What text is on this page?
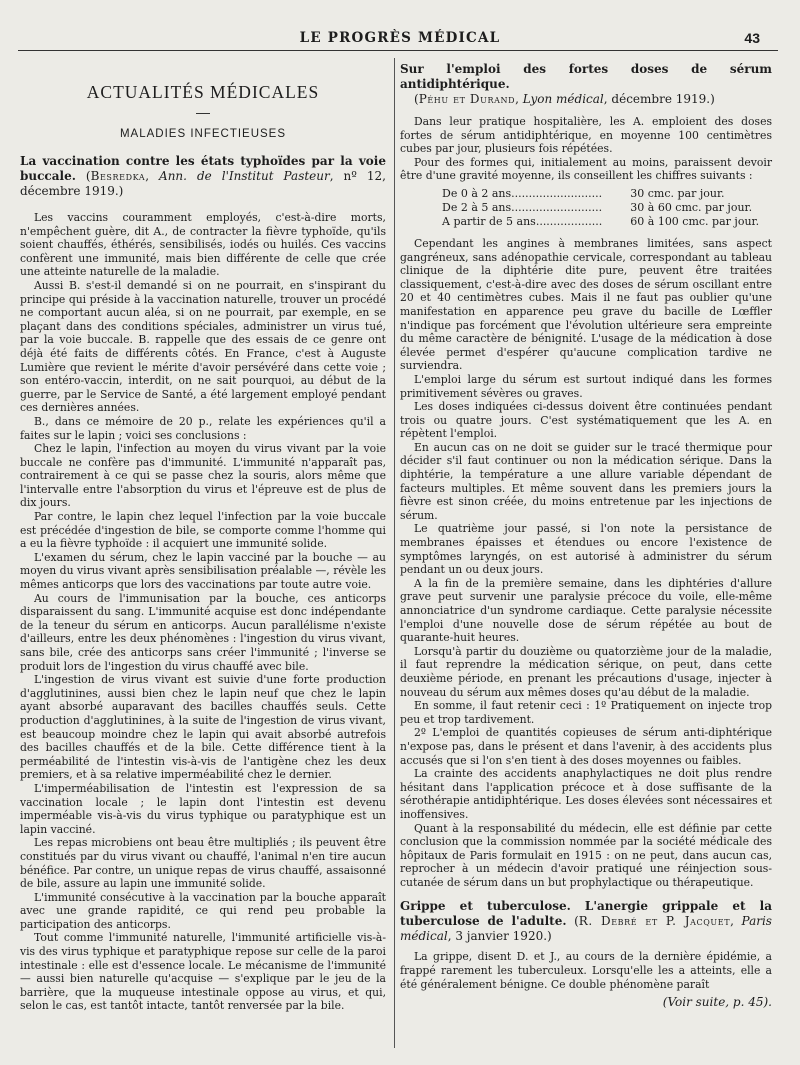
LE PROGRÈS MÉDICAL	43
ACTUALITÉS MÉDICALES
MALADIES INFECTIEUSES

La vaccination contre les états typhoïdes par la voie buccale. (Besredka, Ann. de l'Institut Pasteur, nº 12, décembre 1919.)

Les vaccins couramment employés, c'est-à-dire morts, n'empêchent guère, dit A., de contracter la fièvre typhoïde, qu'ils soient chauffés, éthérés, sensibilisés, iodés ou huilés. Ces vaccins confèrent une immunité, mais bien différente de celle que crée une atteinte naturelle de la maladie.

Aussi B. s'est-il demandé si on ne pourrait, en s'inspirant du principe qui préside à la vaccination naturelle, trouver un procédé ne comportant aucun aléa, si on ne pourrait, par exemple, en se plaçant dans des conditions spéciales, administrer un virus tué, par la voie buccale. B. rappelle que des essais de ce genre ont déjà été faits de différents côtés. En France, c'est à Auguste Lumière que revient le mérite d'avoir persévéré dans cette voie ; son entéro-vaccin, interdit, on ne sait pourquoi, au début de la guerre, par le Service de Santé, a été largement employé pendant ces dernières années.

B., dans ce mémoire de 20 p., relate les expériences qu'il a faites sur le lapin ; voici ses conclusions :

Chez le lapin, l'infection au moyen du virus vivant par la voie buccale ne confère pas d'immunité. L'immunité n'apparaît pas, contrairement à ce qui se passe chez la souris, alors même que l'intervalle entre l'absorption du virus et l'épreuve est de plus de dix jours.

Par contre, le lapin chez lequel l'infection par la voie buccale est précédée d'ingestion de bile, se comporte comme l'homme qui a eu la fièvre typhoïde : il acquiert une immunité solide.

L'examen du sérum, chez le lapin vacciné par la bouche — au moyen du virus vivant après sensibilisation préalable —, révèle les mêmes anticorps que lors des vaccinations par toute autre voie.

Au cours de l'immunisation par la bouche, ces anticorps disparaissent du sang. L'immunité acquise est donc indépendante de la teneur du sérum en anticorps. Aucun parallélisme n'existe d'ailleurs, entre les deux phénomènes : l'ingestion du virus vivant, sans bile, crée des anticorps sans créer l'immunité ; l'inverse se produit lors de l'ingestion du virus chauffé avec bile.

L'ingestion de virus vivant est suivie d'une forte production d'agglutinines, aussi bien chez le lapin neuf que chez le lapin ayant absorbé auparavant des bacilles chauffés seuls. Cette production d'agglutinines, à la suite de l'ingestion de virus vivant, est beaucoup moindre chez le lapin qui avait absorbé autrefois des bacilles chauffés et de la bile. Cette différence tient à la perméabilité de l'intestin vis-à-vis de l'antigène chez les deux premiers, et à sa relative imperméabilité chez le dernier.

L'imperméabilisation de l'intestin est l'expression de sa vaccination locale ; le lapin dont l'intestin est devenu imperméable vis-à-vis du virus typhique ou paratyphique est un lapin vacciné.

Les repas microbiens ont beau être multipliés ; ils peuvent être constitués par du virus vivant ou chauffé, l'animal n'en tire aucun bénéfice. Par contre, un unique repas de virus chauffé, assaisonné de bile, assure au lapin une immunité solide.

L'immunité consécutive à la vaccination par la bouche apparaît avec une grande rapidité, ce qui rend peu probable la participation des anticorps.

Tout comme l'immunité naturelle, l'immunité artificielle vis-à-vis des virus typhique et paratyphique repose sur celle de la paroi intestinale : elle est d'essence locale. Le mécanisme de l'immunité — aussi bien naturelle qu'acquise — s'explique par le jeu de la barrière, que la muqueuse intestinale oppose au virus, et qui, selon le cas, est tantôt intacte, tantôt renversée par la bile.

Sur l'emploi des fortes doses de sérum antidiphtérique.

(Péhu et Durand, Lyon médical, décembre 1919.)

Dans leur pratique hospitalière, les A. emploient des doses fortes de sérum antidiphtérique, en moyenne 100 centimètres cubes par jour, plusieurs fois répétées.

Pour des formes qui, initialement au moins, paraissent devoir être d'une gravité moyenne, ils conseillent les chiffres suivants :

De 0 à 2 ans..........................	30 cmc. par jour.
De 2 à 5 ans..........................	30 à 60 cmc. par jour.
A partir de 5 ans...................	60 à 100 cmc. par jour.

Cependant les angines à membranes limitées, sans aspect gangréneux, sans adénopathie cervicale, correspondant au tableau clinique de la diphtérie dite pure, peuvent être traitées classiquement, c'est-à-dire avec des doses de sérum oscillant entre 20 et 40 centimètres cubes. Mais il ne faut pas oublier qu'une manifestation en apparence peu grave du bacille de Lœffler n'indique pas forcément que l'évolution ultérieure sera empreinte du même caractère de bénignité. L'usage de la médication à dose élevée permet d'espérer qu'aucune complication tardive ne surviendra.

L'emploi large du sérum est surtout indiqué dans les formes primitivement sévères ou graves.

Les doses indiquées ci-dessus doivent être continuées pendant trois ou quatre jours. C'est systématiquement que les A. en répètent l'emploi.

En aucun cas on ne doit se guider sur le tracé thermique pour décider s'il faut continuer ou non la médication sérique. Dans la diphtérie, la température a une allure variable dépendant de facteurs multiples. Et même souvent dans les premiers jours la fièvre est sinon créée, du moins entretenue par les injections de sérum.

Le quatrième jour passé, si l'on note la persistance de membranes épaisses et étendues ou encore l'existence de symptômes laryngés, on est autorisé à administrer du sérum pendant un ou deux jours.

A la fin de la première semaine, dans les diphtéries d'allure grave peut survenir une paralysie précoce du voile, elle-même annonciatrice d'un syndrome cardiaque. Cette paralysie nécessite l'emploi d'une nouvelle dose de sérum répétée au bout de quarante-huit heures.

Lorsqu'à partir du douzième ou quatorzième jour de la maladie, il faut reprendre la médication sérique, on peut, dans cette deuxième période, en prenant les précautions d'usage, injecter à nouveau du sérum aux mêmes doses qu'au début de la maladie.

En somme, il faut retenir ceci : 1º Pratiquement on injecte trop peu et trop tardivement.

2º L'emploi de quantités copieuses de sérum anti-diphtérique n'expose pas, dans le présent et dans l'avenir, à des accidents plus accusés que si l'on s'en tient à des doses moyennes ou faibles.

La crainte des accidents anaphylactiques ne doit plus rendre hésitant dans l'application précoce et à dose suffisante de la sérothérapie antidiphtérique. Les doses élevées sont nécessaires et inoffensives.

Quant à la responsabilité du médecin, elle est définie par cette conclusion que la commission nommée par la société médicale des hôpitaux de Paris formulait en 1915 : on ne peut, dans aucun cas, reprocher à un médecin d'avoir pratiqué une réinjection sous-cutanée de sérum dans un but prophylactique ou thérapeutique.

Grippe et tuberculose. L'anergie grippale et la tuberculose de l'adulte. (R. Debré et P. Jacquet, Paris médical, 3 janvier 1920.)

La grippe, disent D. et J., au cours de la dernière épidémie, a frappé rarement les tuberculeux. Lorsqu'elle les a atteints, elle a été généralement bénigne. Ce double phénomène paraît

(Voir suite, p. 45).
